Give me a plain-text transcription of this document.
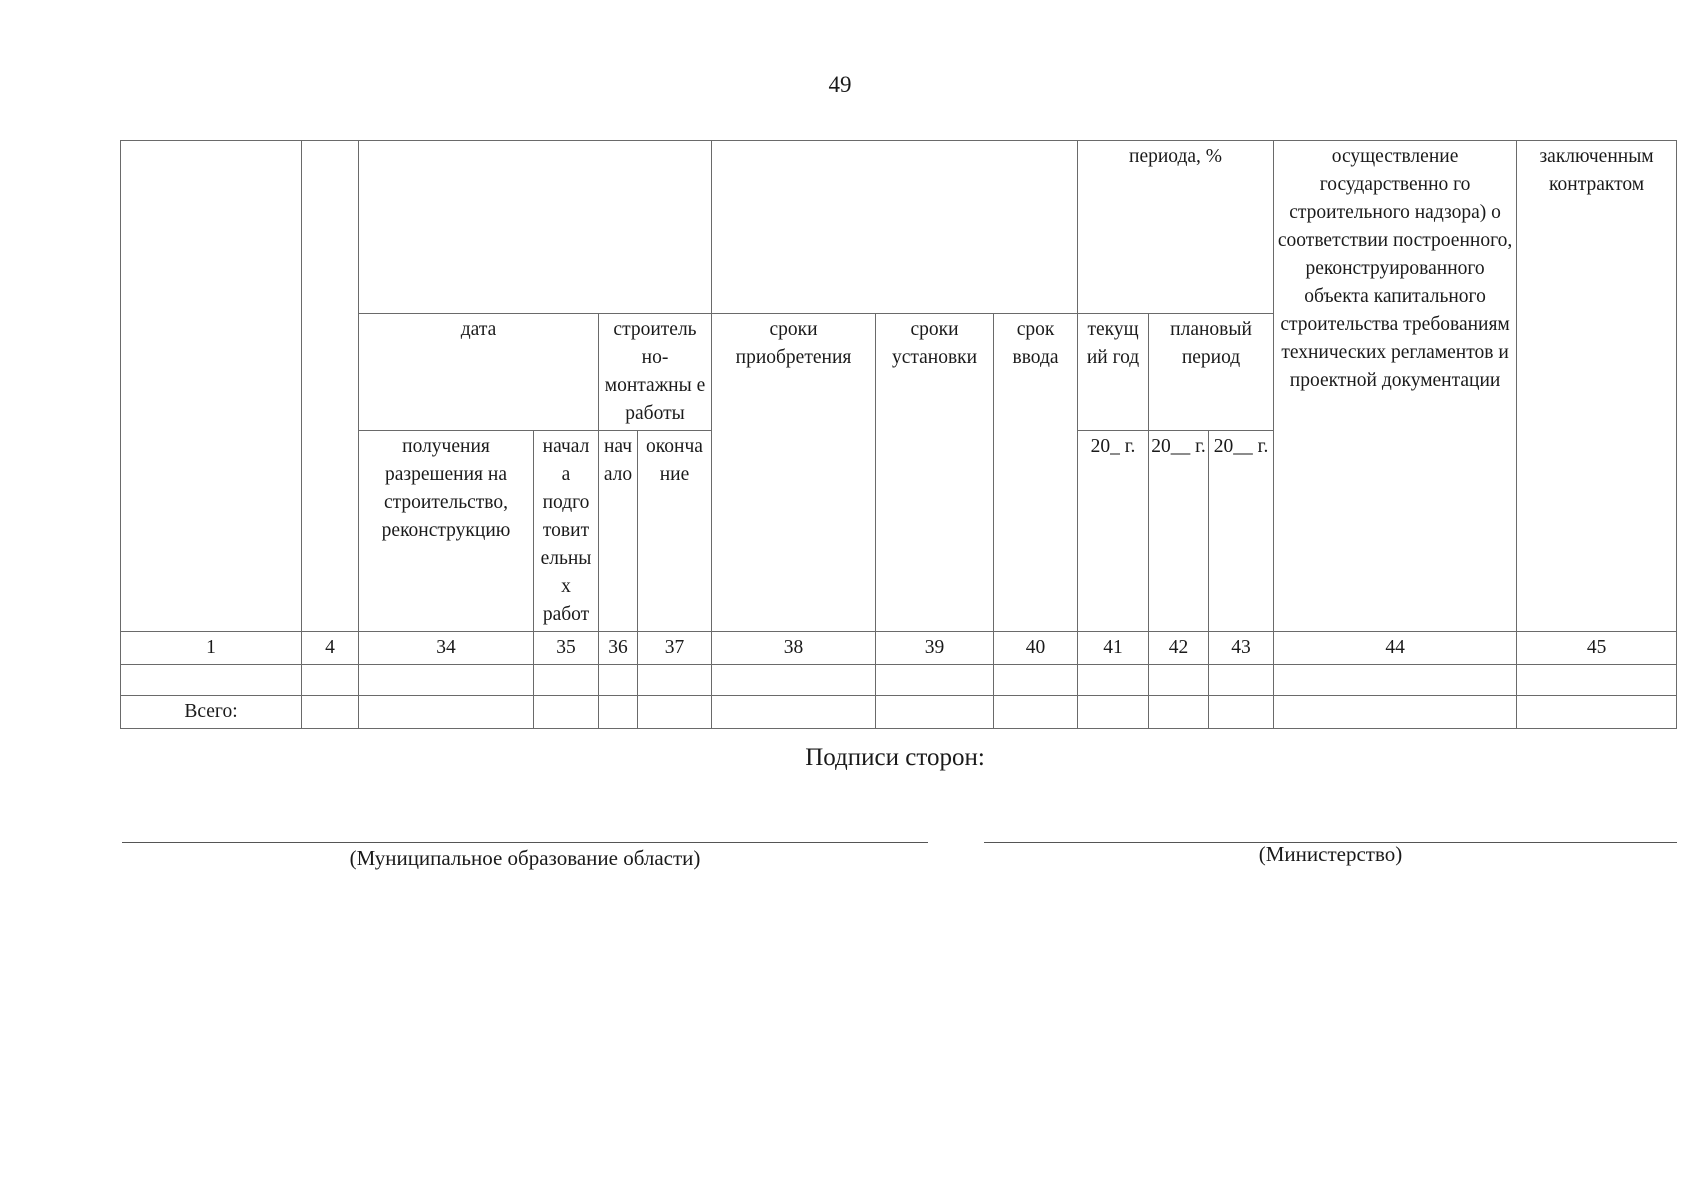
49
									периода, %			осуществление государственно го строительного надзора) о соответствии построенного, реконструированного объекта капитального строительства требованиям технических регламентов и проектной документации	заключенным контрактом
		дата		строитель но-монтажны е работы		сроки приобретения	сроки установки	срок ввода	текущ ий год	плановый период			
		получения разрешения на строительство, реконструкцию	начал а подго товит ельны х работ	нач ало	оконча ние				20_ г.	20__ г.	20__ г.		
1	4	34	35	36	37	38	39	40	41	42	43	44	45

Всего:													
Подписи сторон:
(Муниципальное образование области)	(Министерство)
